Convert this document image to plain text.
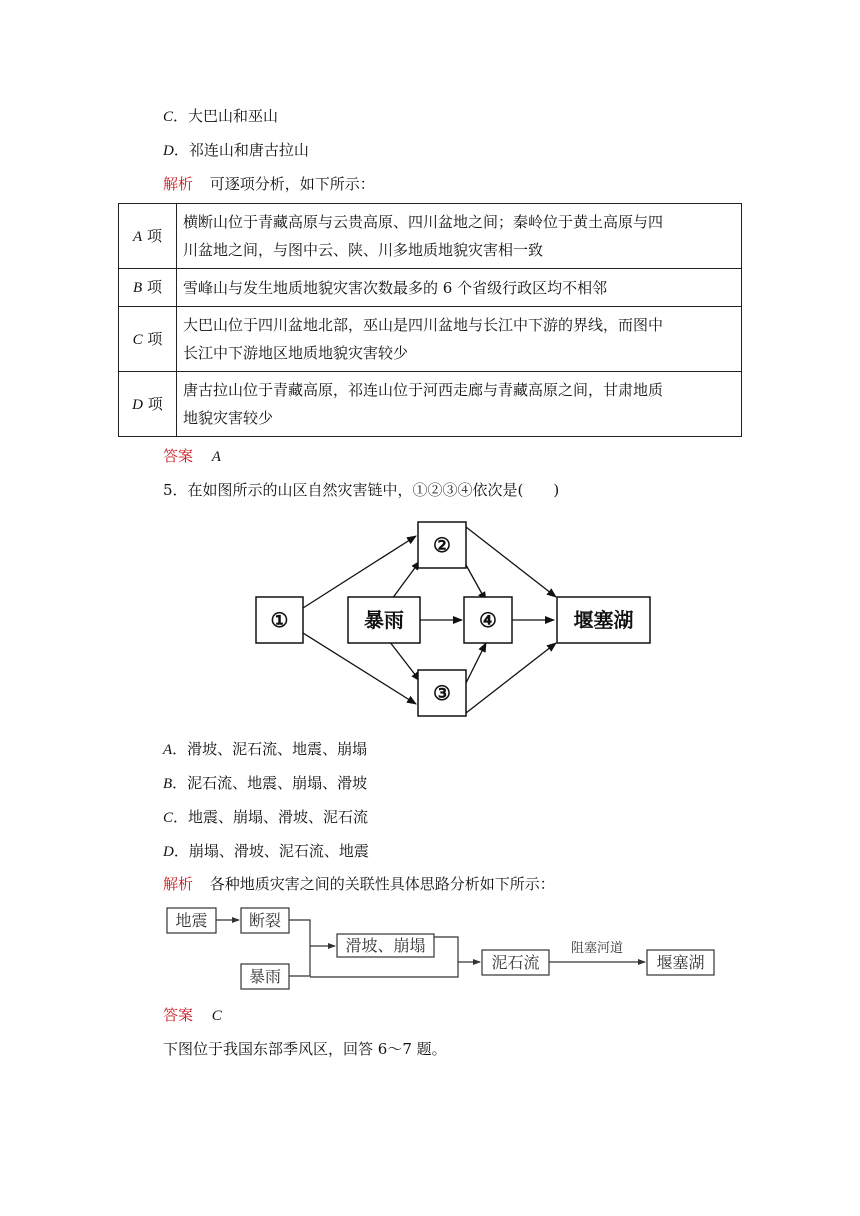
C．大巴山和巫山
D．祁连山和唐古拉山
解析 可逐项分析，如下所示：
A 项	横断山位于青藏高原与云贵高原、四川盆地之间；秦岭位于黄土高原与四
川盆地之间，与图中云、陕、川多地质地貌灾害相一致
B 项	雪峰山与发生地质地貌灾害次数最多的 6 个省级行政区均不相邻
C 项	大巴山位于四川盆地北部，巫山是四川盆地与长江中下游的界线，而图中
长江中下游地区地质地貌灾害较少
D 项	唐古拉山位于青藏高原，祁连山位于河西走廊与青藏高原之间，甘肃地质
地貌灾害较少
答案 A
5．在如图所示的山区自然灾害链中，①②③④依次是(　　)
①	暴雨
②
③
④	堰塞湖
A．滑坡、泥石流、地震、崩塌
B．泥石流、地震、崩塌、滑坡
C．地震、崩塌、滑坡、泥石流
D．崩塌、滑坡、泥石流、地震
解析 各种地质灾害之间的关联性具体思路分析如下所示：
地震	断裂
暴雨
滑坡、崩塌
泥石流	堰塞湖
阻塞河道
答案 C
下图位于我国东部季风区，回答 6～7 题。
